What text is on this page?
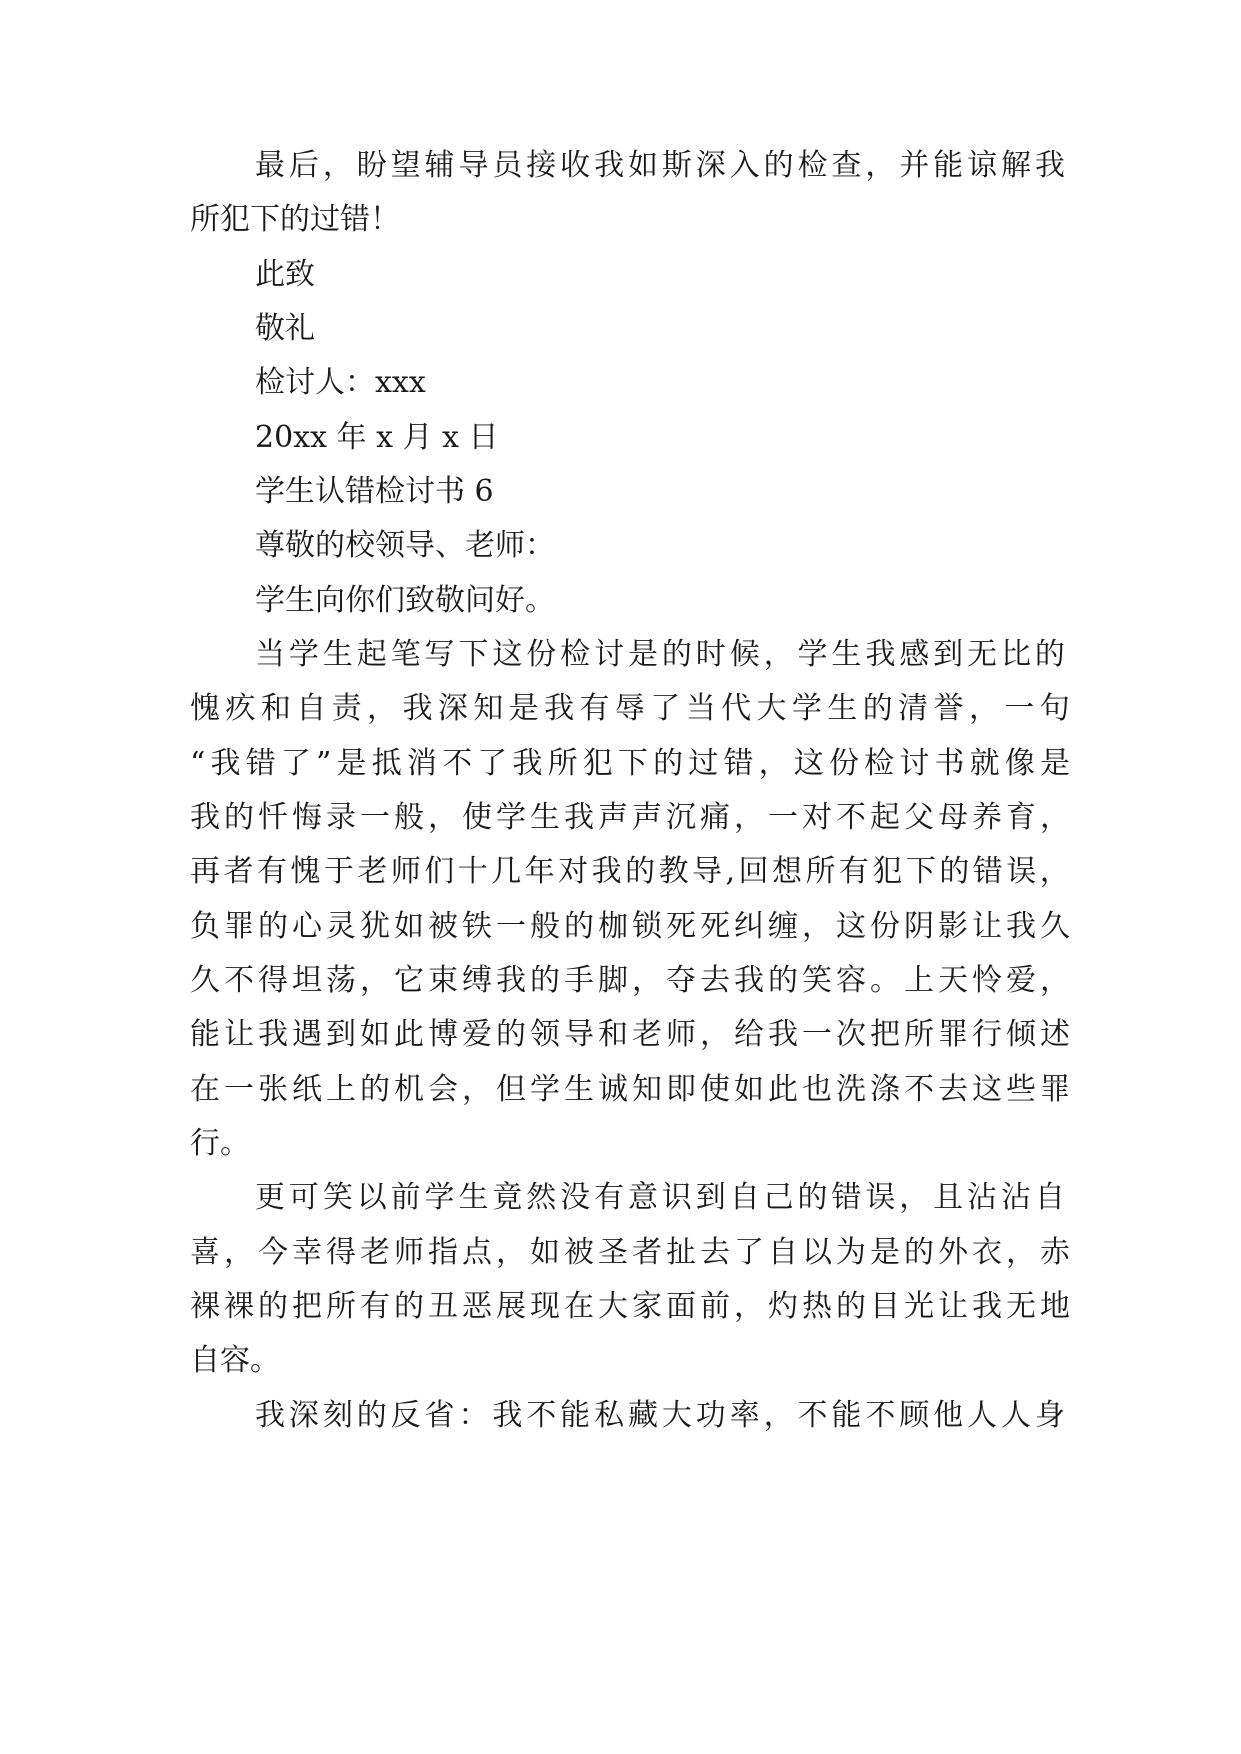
最 后 ， 盼 望 辅 导 员 接 收 我 如 斯 深 入 的 检 查 ， 并 能 谅 解 我
所犯下的过错！
此致
敬礼
检讨人：xxx
20xx 年 x 月 x 日
学生认错检讨书 6
尊敬的校领导、老师：
学生向你们致敬问好。
当 学 生 起 笔 写 下 这 份 检 讨 是 的 时 候 ， 学 生 我 感 到 无 比 的
愧 疚 和 自 责 ， 我 深 知 是 我 有 辱 了 当 代 大 学 生 的 清 誉 ， 一 句
“ 我 错 了 ” 是 抵 消 不 了 我 所 犯 下 的 过 错 ， 这 份 检 讨 书 就 像 是
我 的 忏 悔 录 一 般 ， 使 学 生 我 声 声 沉 痛 ， 一 对 不 起 父 母 养 育 ，
再 者 有 愧 于 老 师 们 十 几 年 对 我 的 教 导 , 回 想 所 有 犯 下 的 错 误 ，
负 罪 的 心 灵 犹 如 被 铁 一 般 的 枷 锁 死 死 纠 缠 ， 这 份 阴 影 让 我 久
久 不 得 坦 荡 ， 它 束 缚 我 的 手 脚 ， 夺 去 我 的 笑 容 。 上 天 怜 爱 ，
能 让 我 遇 到 如 此 博 爱 的 领 导 和 老 师 ， 给 我 一 次 把 所 罪 行 倾 述
在 一 张 纸 上 的 机 会 ， 但 学 生 诚 知 即 使 如 此 也 洗 涤 不 去 这 些 罪
行。
更 可 笑 以 前 学 生 竟 然 没 有 意 识 到 自 己 的 错 误 ， 且 沾 沾 自
喜 ， 今 幸 得 老 师 指 点 ， 如 被 圣 者 扯 去 了 自 以 为 是 的 外 衣 ， 赤
裸 裸 的 把 所 有 的 丑 恶 展 现 在 大 家 面 前 ， 灼 热 的 目 光 让 我 无 地
自容。
我 深 刻 的 反 省 ： 我 不 能 私 藏 大 功 率 ， 不 能 不 顾 他 人 人 身
